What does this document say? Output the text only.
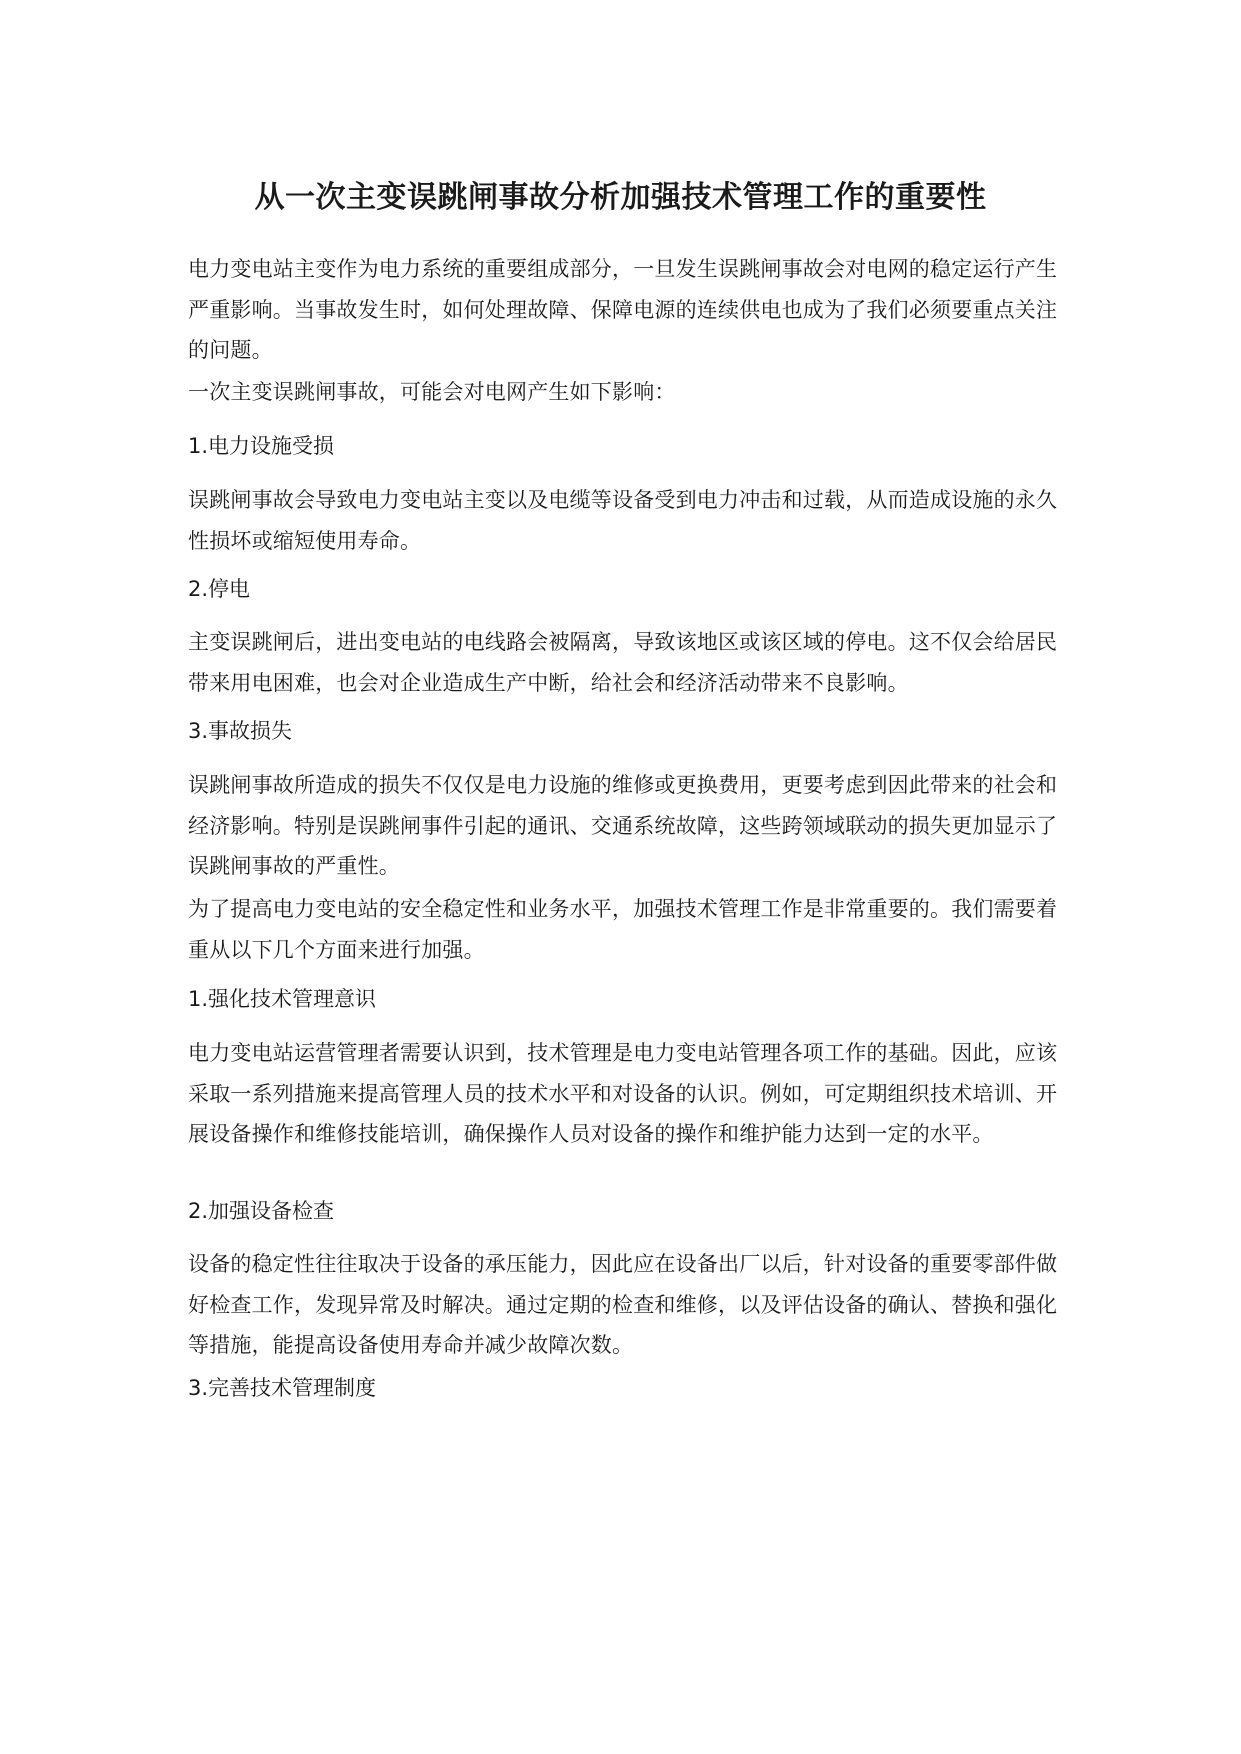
从一次主变误跳闸事故分析加强技术管理工作的重要性

电力变电站主变作为电力系统的重要组成部分，一旦发生误跳闸事故会对电网的稳定运行产生严重影响。当事故发生时，如何处理故障、保障电源的连续供电也成为了我们必须要重点关注的问题。

一次主变误跳闸事故，可能会对电网产生如下影响：

1.电力设施受损

误跳闸事故会导致电力变电站主变以及电缆等设备受到电力冲击和过载，从而造成设施的永久性损坏或缩短使用寿命。

2.停电

主变误跳闸后，进出变电站的电线路会被隔离，导致该地区或该区域的停电。这不仅会给居民带来用电困难，也会对企业造成生产中断，给社会和经济活动带来不良影响。

3.事故损失

误跳闸事故所造成的损失不仅仅是电力设施的维修或更换费用，更要考虑到因此带来的社会和经济影响。特别是误跳闸事件引起的通讯、交通系统故障，这些跨领域联动的损失更加显示了误跳闸事故的严重性。

为了提高电力变电站的安全稳定性和业务水平，加强技术管理工作是非常重要的。我们需要着重从以下几个方面来进行加强。

1.强化技术管理意识

电力变电站运营管理者需要认识到，技术管理是电力变电站管理各项工作的基础。因此，应该采取一系列措施来提高管理人员的技术水平和对设备的认识。例如，可定期组织技术培训、开展设备操作和维修技能培训，确保操作人员对设备的操作和维护能力达到一定的水平。

2.加强设备检查

设备的稳定性往往取决于设备的承压能力，因此应在设备出厂以后，针对设备的重要零部件做好检查工作，发现异常及时解决。通过定期的检查和维修，以及评估设备的确认、替换和强化等措施，能提高设备使用寿命并减少故障次数。

3.完善技术管理制度
